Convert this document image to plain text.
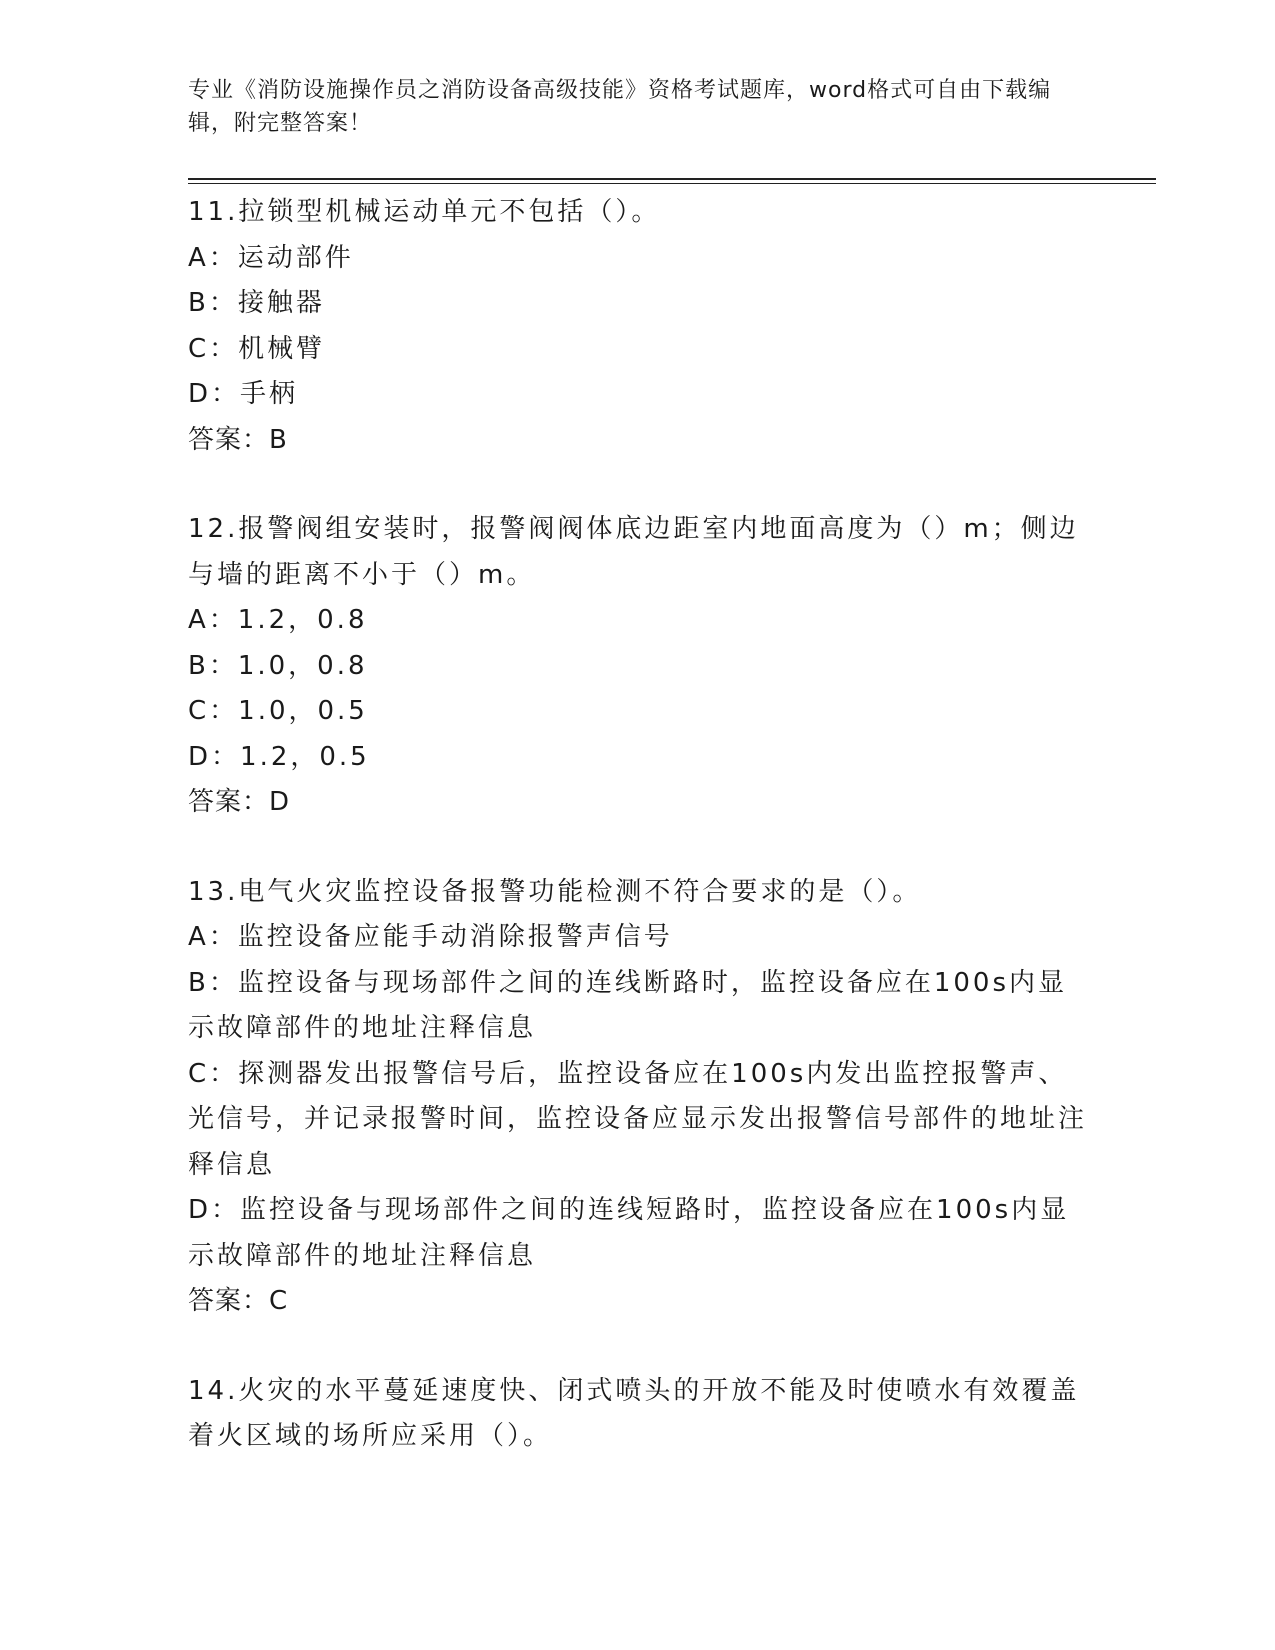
专业《消防设施操作员之消防设备高级技能》资格考试题库，word格式可自由下载编辑，附完整答案！
11.拉锁型机械运动单元不包括（）。
A：运动部件
B：接触器
C：机械臂
D：手柄
答案：B
12.报警阀组安装时，报警阀阀体底边距室内地面高度为（）m；侧边与墙的距离不小于（）m。
A：1.2，0.8
B：1.0，0.8
C：1.0，0.5
D：1.2，0.5
答案：D
13.电气火灾监控设备报警功能检测不符合要求的是（）。
A：监控设备应能手动消除报警声信号
B：监控设备与现场部件之间的连线断路时，监控设备应在100s内显示故障部件的地址注释信息
C：探测器发出报警信号后，监控设备应在100s内发出监控报警声、光信号，并记录报警时间，监控设备应显示发出报警信号部件的地址注释信息
D：监控设备与现场部件之间的连线短路时，监控设备应在100s内显示故障部件的地址注释信息
答案：C
14.火灾的水平蔓延速度快、闭式喷头的开放不能及时使喷水有效覆盖着火区域的场所应采用（）。
